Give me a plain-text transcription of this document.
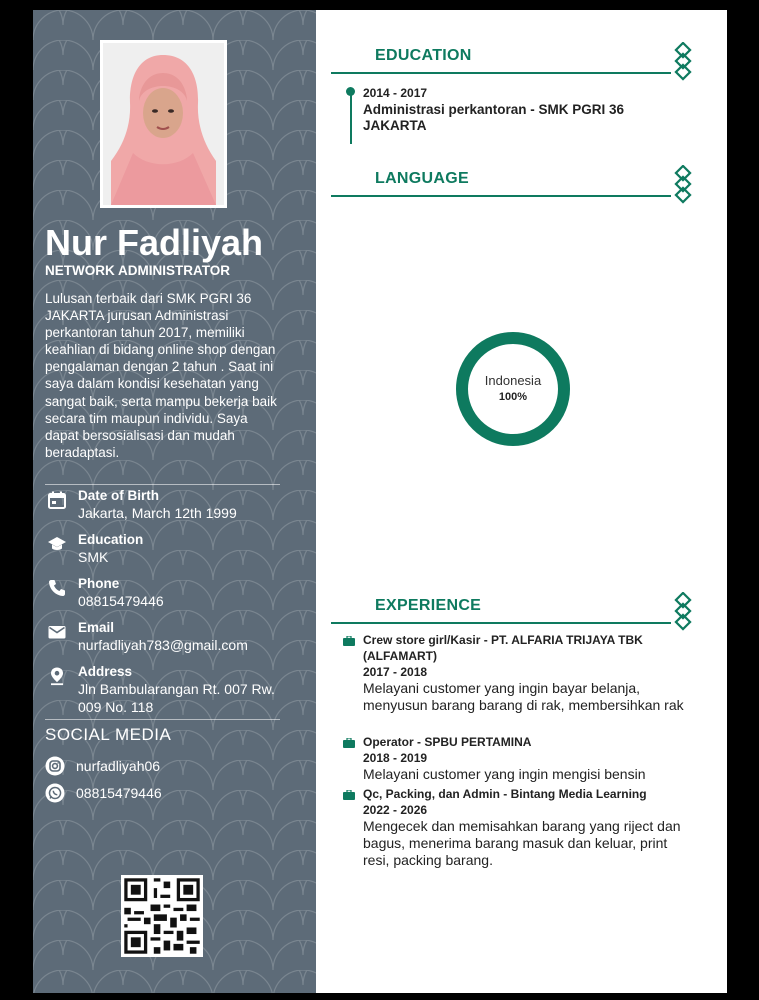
Nur Fadliyah
NETWORK ADMINISTRATOR
Lulusan terbaik dari SMK PGRI 36 JAKARTA jurusan Administrasi perkantoran tahun 2017, memiliki keahlian di bidang online shop dengan pengalaman dengan 2 tahun . Saat ini saya dalam kondisi kesehatan yang sangat baik, serta mampu bekerja baik secara tim maupun individu. Saya dapat bersosialisasi dan mudah beradaptasi.
Date of Birth
Jakarta, March 12th 1999
Education
SMK
Phone
08815479446
Email
nurfadliyah783@gmail.com
Address
Jln Bambularangan Rt. 007 Rw. 009 No. 118
SOCIAL MEDIA
nurfadliyah06
08815479446
EDUCATION
2014 - 2017
Administrasi perkantoran - SMK PGRI 36 JAKARTA
LANGUAGE
Indonesia
100%
EXPERIENCE
Crew store girl/Kasir - PT. ALFARIA TRIJAYA TBK (ALFAMART)
2017 - 2018
Melayani customer yang ingin bayar belanja, menyusun barang barang di rak, membersihkan rak
Operator - SPBU PERTAMINA
2018 - 2019
Melayani customer yang ingin mengisi bensin
Qc, Packing, dan Admin - Bintang Media Learning
2022 - 2026
Mengecek dan memisahkan barang yang riject dan bagus, menerima barang masuk dan keluar, print resi, packing barang.
